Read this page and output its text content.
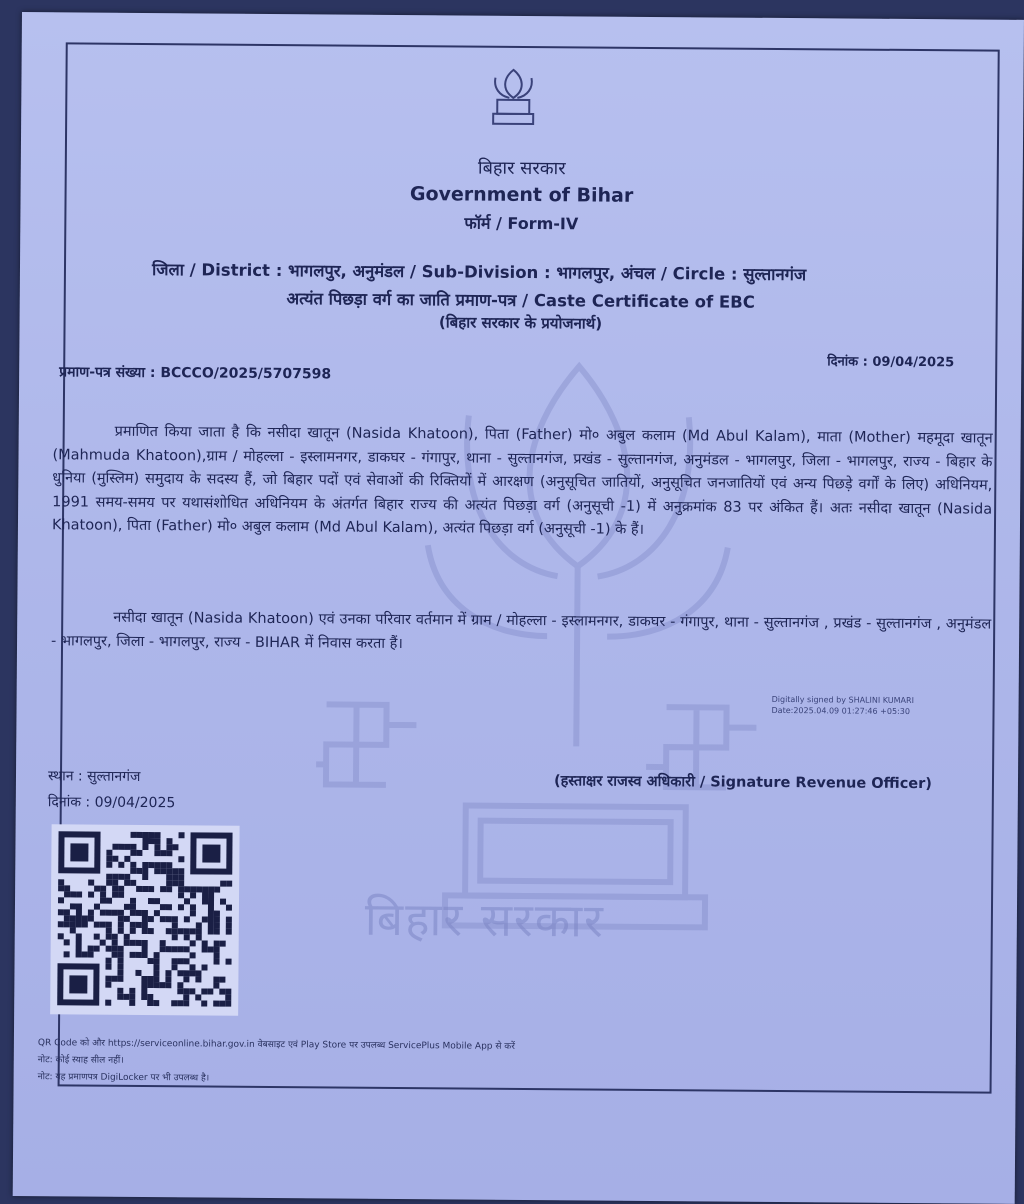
बिहार सरकार
Government of Bihar
फॉर्म / Form-IV
जिला / District : भागलपुर, अनुमंडल / Sub-Division : भागलपुर, अंचल / Circle : सुल्तानगंज
अत्यंत पिछड़ा वर्ग का जाति प्रमाण-पत्र / Caste Certificate of EBC
(बिहार सरकार के प्रयोजनार्थ)
दिनांक : 09/04/2025
प्रमाण-पत्र संख्या : BCCCO/2025/5707598
बिहार सरकार
प्रमाणित किया जाता है कि नसीदा खातून (Nasida Khatoon), पिता (Father) मो० अबुल कलाम (Md Abul Kalam), माता (Mother) महमूदा खातून (Mahmuda Khatoon),ग्राम / मोहल्ला - इस्लामनगर, डाकघर - गंगापुर, थाना - सुल्तानगंज, प्रखंड - सुल्तानगंज, अनुमंडल - भागलपुर, जिला - भागलपुर, राज्य - बिहार के धुनिया (मुस्लिम) समुदाय के सदस्य हैं, जो बिहार पदों एवं सेवाओं की रिक्तियों में आरक्षण (अनुसूचित जातियों, अनुसूचित जनजातियों एवं अन्य पिछड़े वर्गों के लिए) अधिनियम, 1991 समय-समय पर यथासंशोधित अधिनियम के अंतर्गत बिहार राज्य की अत्यंत पिछड़ा वर्ग (अनुसूची -1) में अनुक्रमांक 83 पर अंकित हैं। अतः नसीदा खातून (Nasida Khatoon), पिता (Father) मो० अबुल कलाम (Md Abul Kalam), अत्यंत पिछड़ा वर्ग (अनुसूची -1) के हैं।
नसीदा खातून (Nasida Khatoon) एवं उनका परिवार वर्तमान में ग्राम / मोहल्ला - इस्लामनगर, डाकघर - गंगापुर, थाना - सुल्तानगंज , प्रखंड - सुल्तानगंज , अनुमंडल - भागलपुर, जिला - भागलपुर, राज्य - BIHAR में निवास करता हैं।
Digitally signed by SHALINI KUMARI
Date:2025.04.09 01:27:46 +05:30
स्थान : सुल्तानगंज
दिनांक : 09/04/2025
(हस्ताक्षर राजस्व अधिकारी / Signature Revenue Officer)
QR Code को और https://serviceonline.bihar.gov.in वेबसाइट एवं Play Store पर उपलब्ध ServicePlus Mobile App से करें
नोट: कोई स्याह सील नहीं।
नोट: यह प्रमाणपत्र DigiLocker पर भी उपलब्ध है।
